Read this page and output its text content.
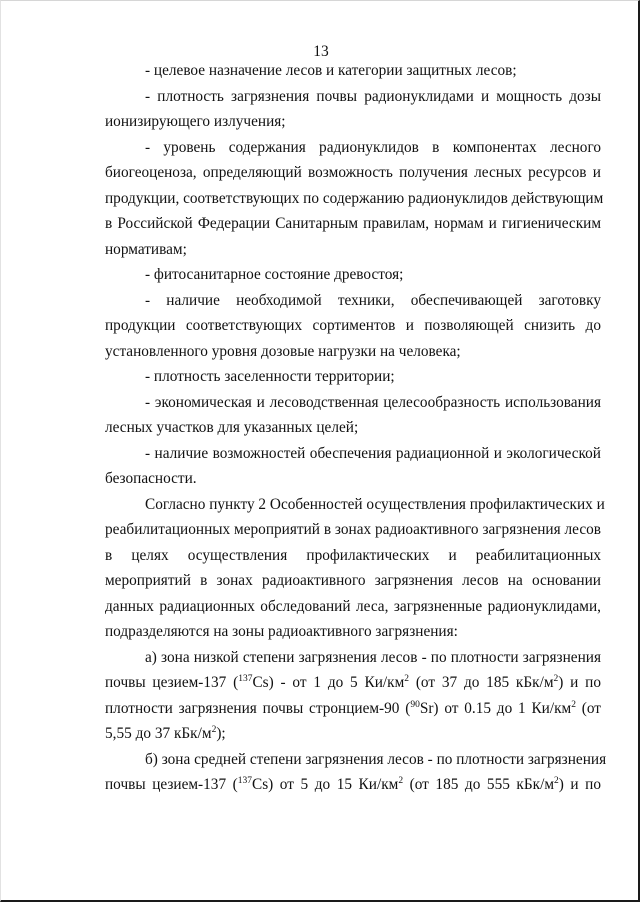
13
- целевое назначение лесов и категории защитных лесов;
- плотность загрязнения почвы радионуклидами и мощность дозы
ионизирующего излучения;
- уровень содержания радионуклидов в компонентах лесного
биогеоценоза, определяющий возможность получения лесных ресурсов и
продукции, соответствующих по содержанию радионуклидов действующим
в Российской Федерации Санитарным правилам, нормам и гигиеническим
нормативам;
- фитосанитарное состояние древостоя;
- наличие необходимой техники, обеспечивающей заготовку
продукции соответствующих сортиментов и позволяющей снизить до
установленного уровня дозовые нагрузки на человека;
- плотность заселенности территории;
- экономическая и лесоводственная целесообразность использования
лесных участков для указанных целей;
- наличие возможностей обеспечения радиационной и экологической
безопасности.
Согласно пункту 2 Особенностей осуществления профилактических и
реабилитационных мероприятий в зонах радиоактивного загрязнения лесов
в целях осуществления профилактических и реабилитационных
мероприятий в зонах радиоактивного загрязнения лесов на основании
данных радиационных обследований леса, загрязненные радионуклидами,
подразделяются на зоны радиоактивного загрязнения:
а) зона низкой степени загрязнения лесов - по плотности загрязнения
почвы цезием-137 ($^{137}$Cs) - от 1 до 5 $Ки/км^2$ (от 37 до 185 кБк/$м^2$) и по
плотности загрязнения почвы стронцием-90 ($^{90}$Sr) от 0.15 до 1 $Ки/км^2$ (от
5,55 до 37 кБк/$м^2$);
б) зона средней степени загрязнения лесов - по плотности загрязнения
почвы цезием-137 ($^{137}$Cs) от 5 до 15 $Ки/км^2$ (от 185 до 555 кБк/$м^2$) и по
